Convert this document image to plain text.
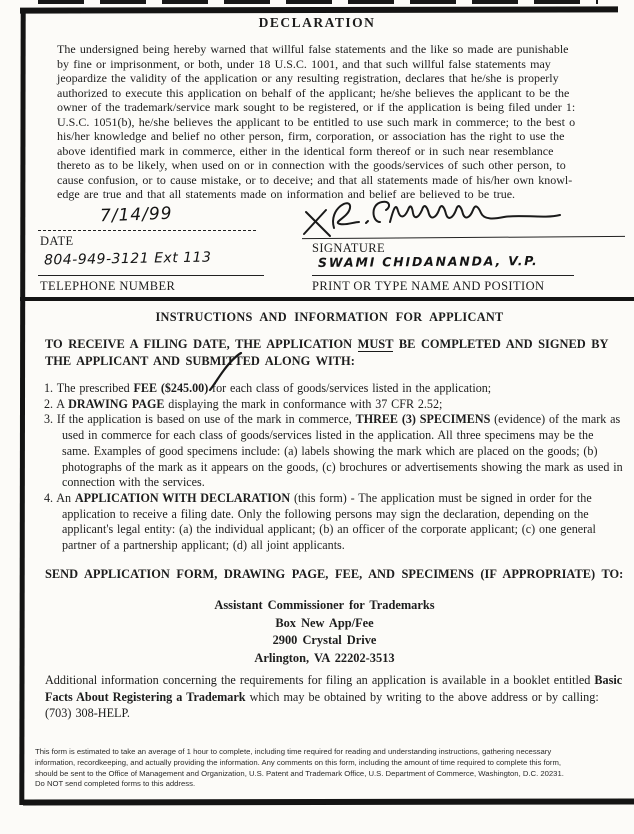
DECLARATION
The undersigned being hereby warned that willful false statements and the like so made are punishable
by fine or imprisonment, or both, under 18 U.S.C. 1001, and that such willful false statements may
jeopardize the validity of the application or any resulting registration, declares that he/she is properly
authorized to execute this application on behalf of the applicant; he/she believes the applicant to be the
owner of the trademark/service mark sought to be registered, or if the application is being filed under 1:
U.S.C. 1051(b), he/she believes the applicant to be entitled to use such mark in commerce; to the best o
his/her knowledge and belief no other person, firm, corporation, or association has the right to use the
above identified mark in commerce, either in the identical form thereof or in such near resemblance
thereto as to be likely, when used on or in connection with the goods/services of such other person, to
cause confusion, or to cause mistake, or to deceive; and that all statements made of his/her own knowl-
edge are true and that all statements made on information and belief are believed to be true.
7/14/99
DATE	SIGNATURE
804-949-3121 Ext 113
TELEPHONE NUMBER
SWAMI CHIDANANDA, V.P.
PRINT OR TYPE NAME AND POSITION
INSTRUCTIONS AND INFORMATION FOR APPLICANT
TO RECEIVE A FILING DATE, THE APPLICATION MUST BE COMPLETED AND SIGNED BY
THE APPLICANT AND SUBMITTED ALONG WITH:
1. The prescribed FEE ($245.00) for each class of goods/services listed in the application;
2. A DRAWING PAGE displaying the mark in conformance with 37 CFR 2.52;
3. If the application is based on use of the mark in commerce, THREE (3) SPECIMENS (evidence) of the mark as used in commerce for each class of goods/services listed in the application. All three specimens may be the same. Examples of good specimens include: (a) labels showing the mark which are placed on the goods; (b) photographs of the mark as it appears on the goods, (c) brochures or advertisements showing the mark as used in connection with the services.
4. An APPLICATION WITH DECLARATION (this form) - The application must be signed in order for the application to receive a filing date. Only the following persons may sign the declaration, depending on the applicant's legal entity: (a) the individual applicant; (b) an officer of the corporate applicant; (c) one general partner of a partnership applicant; (d) all joint applicants.
SEND APPLICATION FORM, DRAWING PAGE, FEE, AND SPECIMENS (IF APPROPRIATE) TO:
Assistant Commissioner for Trademarks
Box New App/Fee
2900 Crystal Drive
Arlington, VA 22202-3513
Additional information concerning the requirements for filing an application is available in a booklet entitled Basic Facts About Registering a Trademark which may be obtained by writing to the above address or by calling: (703) 308-HELP.
This form is estimated to take an average of 1 hour to complete, including time required for reading and understanding instructions, gathering necessary
information, recordkeeping, and actually providing the information. Any comments on this form, including the amount of time required to complete this form,
should be sent to the Office of Management and Organization, U.S. Patent and Trademark Office, U.S. Department of Commerce, Washington, D.C. 20231.
Do NOT send completed forms to this address.
